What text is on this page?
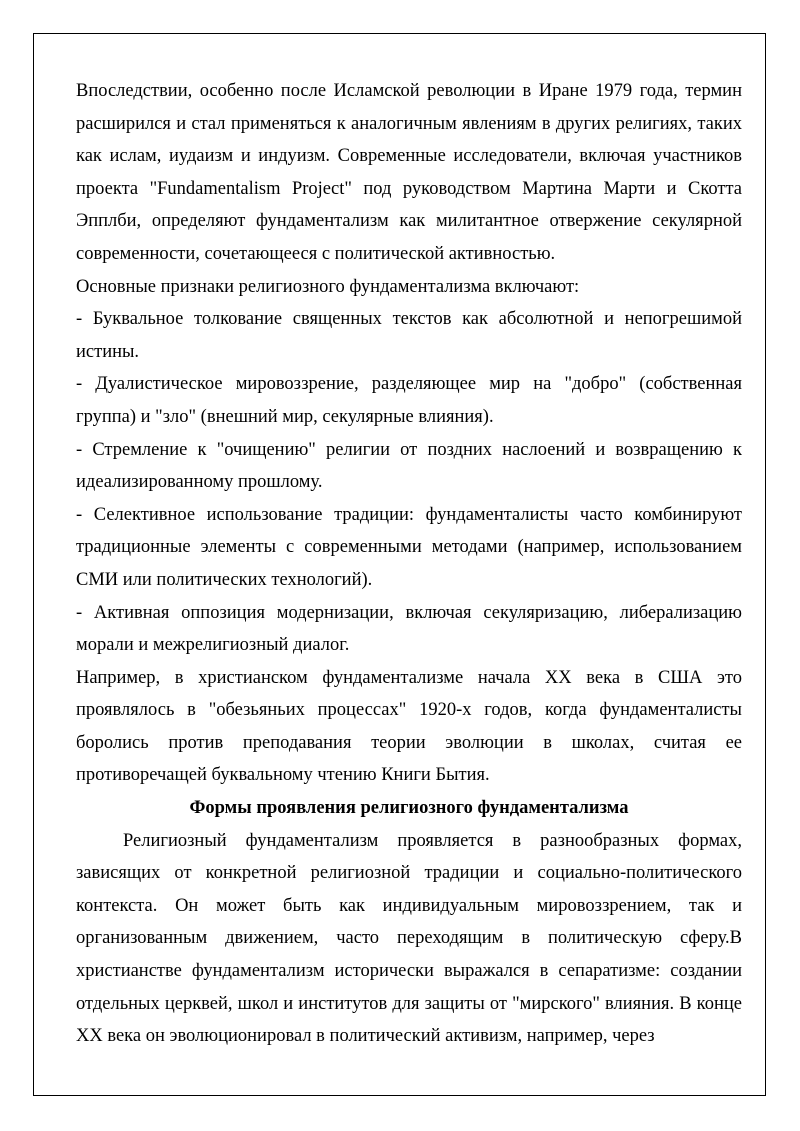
Впоследствии, особенно после Исламской революции в Иране 1979 года, термин расширился и стал применяться к аналогичным явлениям в других религиях, таких как ислам, иудаизм и индуизм. Современные исследователи, включая участников проекта "Fundamentalism Project" под руководством Мартина Марти и Скотта Эпплби, определяют фундаментализм как милитантное отвержение секулярной современности, сочетающееся с политической активностью.

Основные признаки религиозного фундаментализма включают:

- Буквальное толкование священных текстов как абсолютной и непогрешимой истины.

- Дуалистическое мировоззрение, разделяющее мир на "добро" (собственная группа) и "зло" (внешний мир, секулярные влияния).

- Стремление к "очищению" религии от поздних наслоений и возвращению к идеализированному прошлому.

- Селективное использование традиции: фундаменталисты часто комбинируют традиционные элементы с современными методами (например, использованием СМИ или политических технологий).

- Активная оппозиция модернизации, включая секуляризацию, либерализацию морали и межрелигиозный диалог.

Например, в христианском фундаментализме начала XX века в США это проявлялось в "обезьяньих процессах" 1920-х годов, когда фундаменталисты боролись против преподавания теории эволюции в школах, считая ее противоречащей буквальному чтению Книги Бытия.

Формы проявления религиозного фундаментализма

Религиозный фундаментализм проявляется в разнообразных формах, зависящих от конкретной религиозной традиции и социально-политического контекста. Он может быть как индивидуальным мировоззрением, так и организованным движением, часто переходящим в политическую сферу.В христианстве фундаментализм исторически выражался в сепаратизме: создании отдельных церквей, школ и институтов для защиты от "мирского" влияния. В конце XX века он эволюционировал в политический активизм, например, через
